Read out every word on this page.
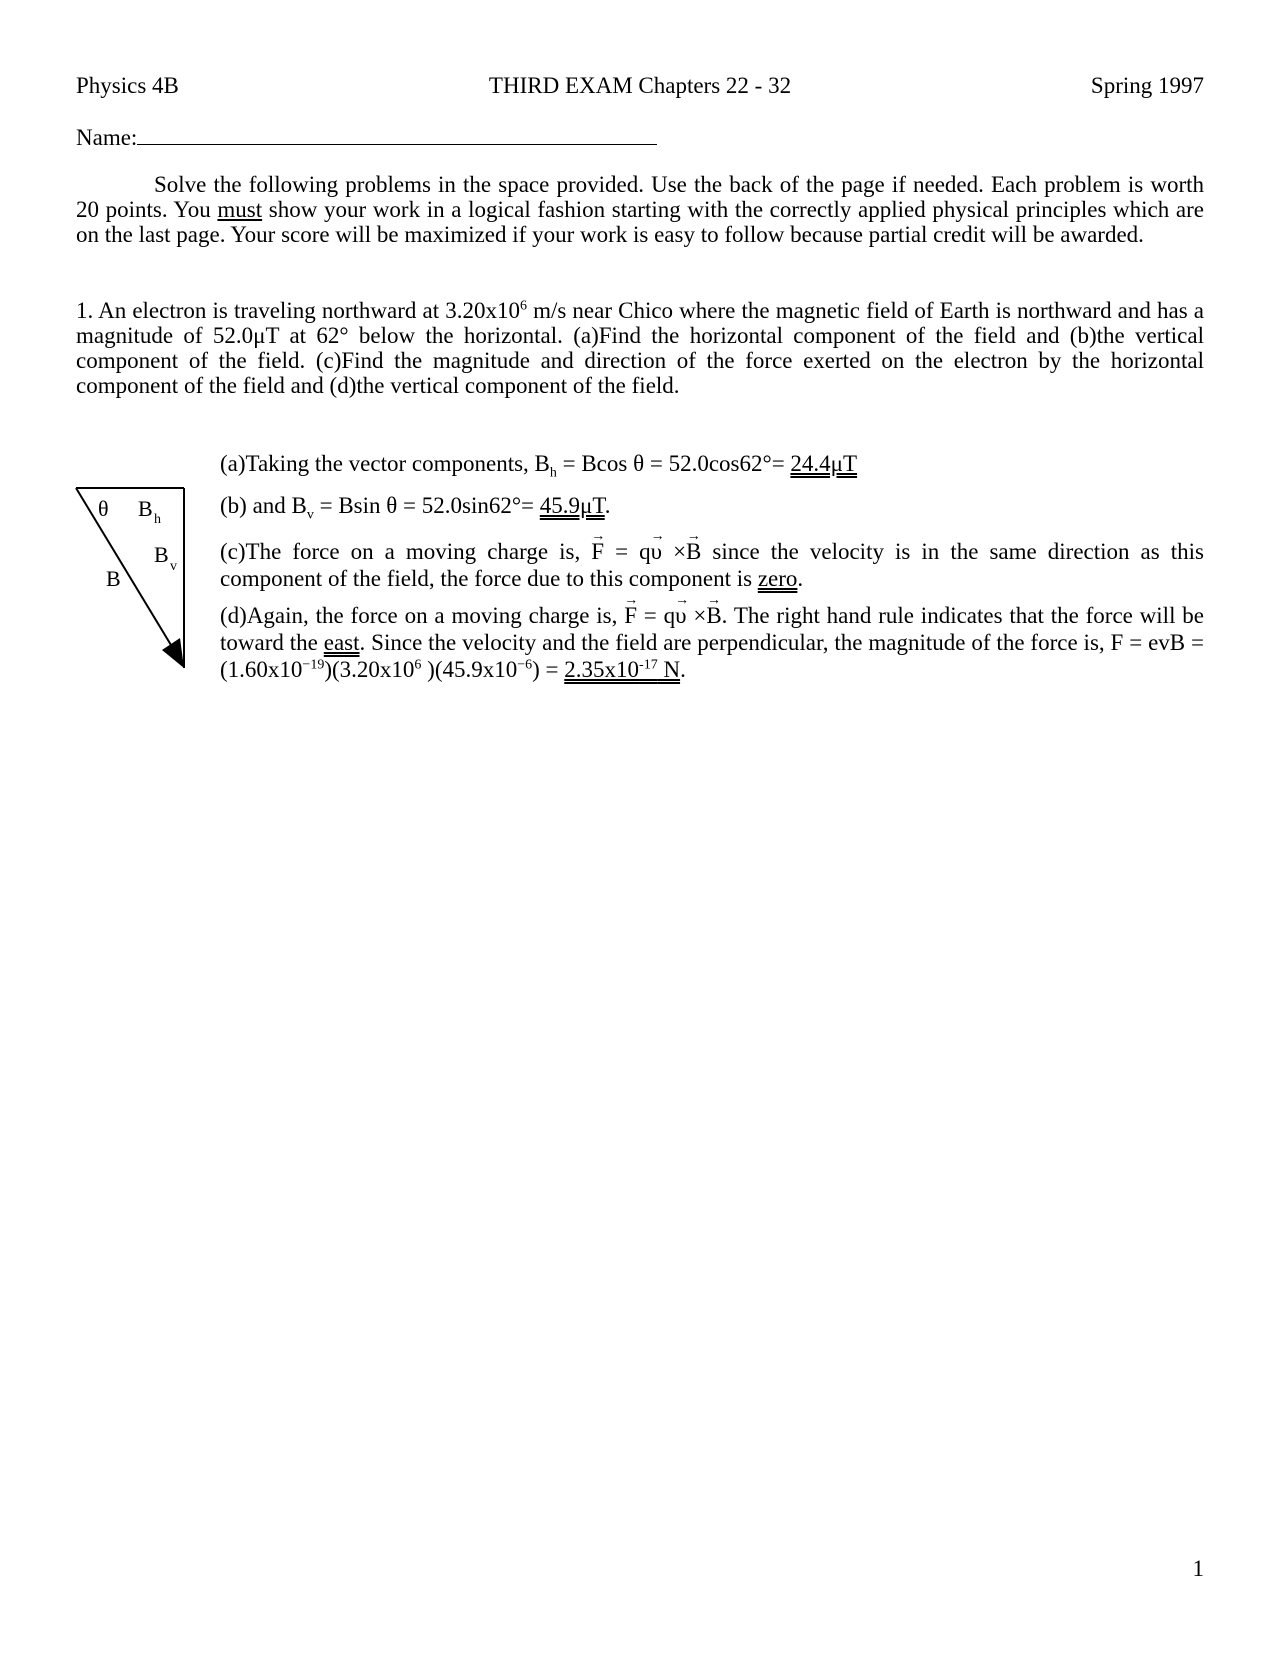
Physics 4B	THIRD EXAM Chapters 22 - 32	Spring 1997
Name:
Solve the following problems in the space provided. Use the back of the page if needed. Each problem is worth 20 points. You must show your work in a logical fashion starting with the correctly applied physical principles which are on the last page. Your score will be maximized if your work is easy to follow because partial credit will be awarded.
1. An electron is traveling northward at $3.20x10^6$ m/s near Chico where the magnetic field of Earth is northward and has a magnitude of 52.0μT at 62° below the horizontal. (a)Find the horizontal component of the field and (b)the vertical component of the field. (c)Find the magnitude and direction of the force exerted on the electron by the horizontal component of the field and (d)the vertical component of the field.
θ B h
B v
B
(a)Taking the vector components, $B_h = Bcos$ θ = 52.0cos62°= 24.4μT
(b) and $B_v = Bsin$ θ = 52.0sin62°= 45.9μT.
(c)The force on a moving charge is, → F = q→ υ ×→ B since the velocity is in the same direction as this component of the field, the force due to this component is zero.
(d)Again, the force on a moving charge is, → F = q→ υ ×→ B. The right hand rule indicates that the force will be toward the east. Since the velocity and the field are perpendicular, the magnitude of the force is, F = evB = $(1.60x10^{-19})(3.20x10^6$ )$(45.9x10^{-6}) = 2.35x10^{-17}$ N.
1
